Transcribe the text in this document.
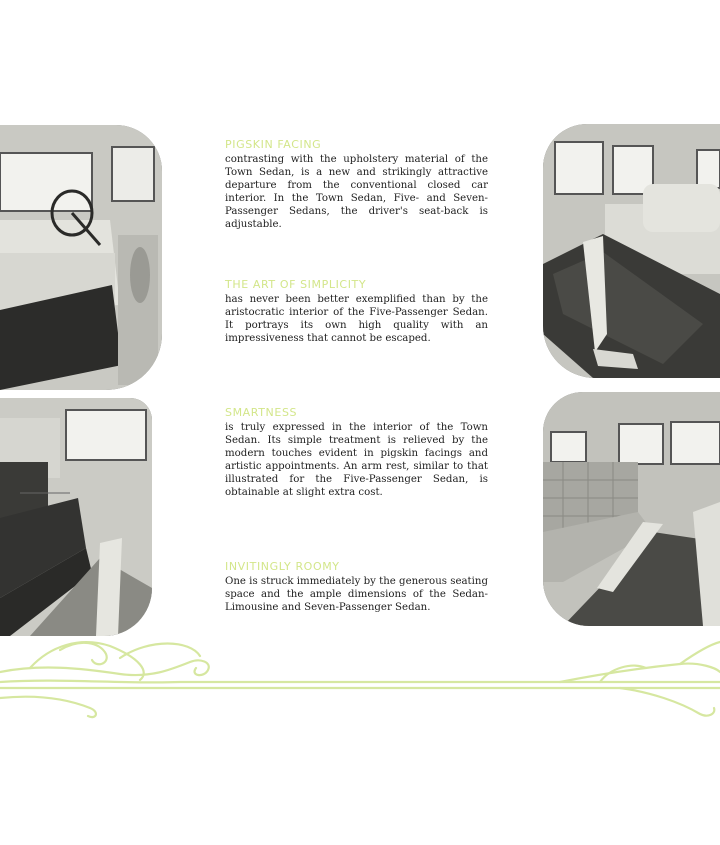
PIGSKIN FACING

contrasting with the upholstery material of the Town Sedan, is a new and strikingly attractive departure from the conventional closed car interior. In the Town Sedan, Five- and Seven-Passenger Sedans, the driver's seat-back is adjustable.

THE ART OF SIMPLICITY

has never been better exemplified than by the aristocratic interior of the Five-Passenger Sedan. It portrays its own high quality with an impressiveness that cannot be escaped.

SMARTNESS

is truly expressed in the interior of the Town Sedan. Its simple treatment is relieved by the modern touches evident in pigskin facings and artistic appointments. An arm rest, similar to that illustrated for the Five-Passenger Sedan, is obtainable at slight extra cost.

INVITINGLY ROOMY

One is struck immediately by the generous seating space and the ample dimensions of the Sedan-Limousine and Seven-Passenger Sedan.
